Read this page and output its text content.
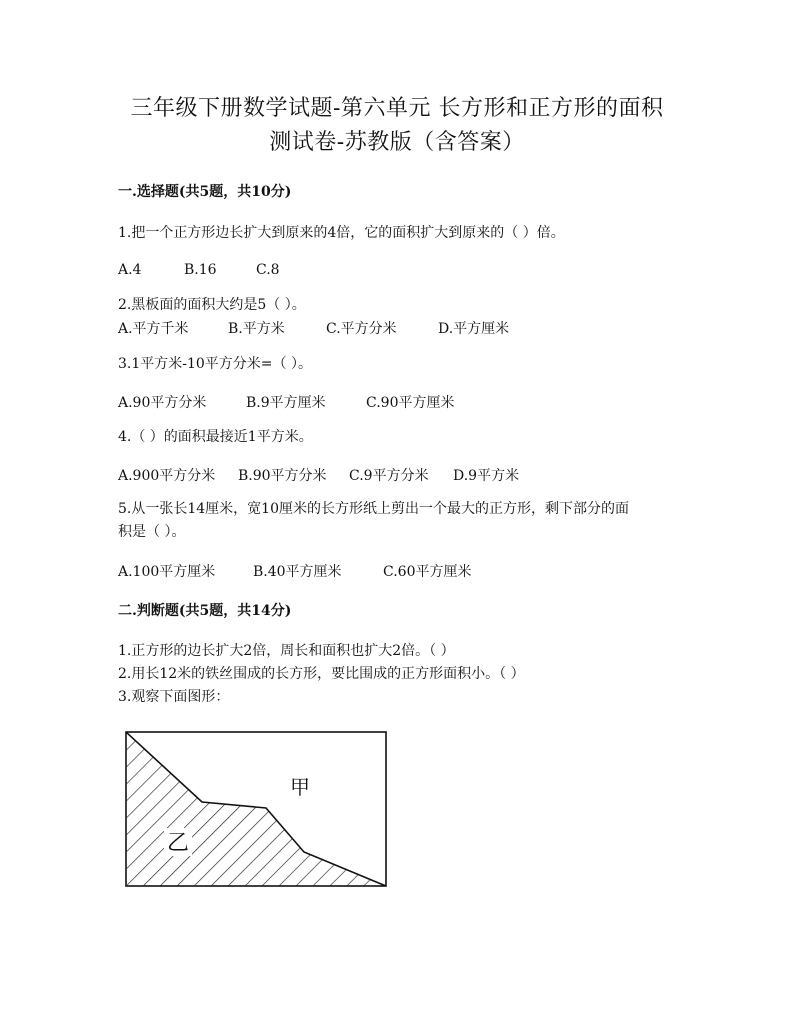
三年级下册数学试题-第六单元 长方形和正方形的面积
测试卷-苏教版（含答案）
一.选择题(共5题，共10分)
1.把一个正方形边长扩大到原来的4倍，它的面积扩大到原来的（ ）倍。
A.4	B.16	C.8
2.黑板面的面积大约是5（ ）。
A.平方千米	B.平方米	C.平方分米	D.平方厘米
3.1平方米-10平方分米=（ ）。
A.90平方分米	B.9平方厘米	C.90平方厘米
4.（ ）的面积最接近1平方米。
A.900平方分米 B.90平方分米 C.9平方分米 D.9平方米
5.从一张长14厘米，宽10厘米的长方形纸上剪出一个最大的正方形，剩下部分的面
积是（ ）。
A.100平方厘米	B.40平方厘米	C.60平方厘米
二.判断题(共5题，共14分)
1.正方形的边长扩大2倍，周长和面积也扩大2倍。（ ）
2.用长12米的铁丝围成的长方形，要比围成的正方形面积小。（ ）
3.观察下面图形：
乙
甲
